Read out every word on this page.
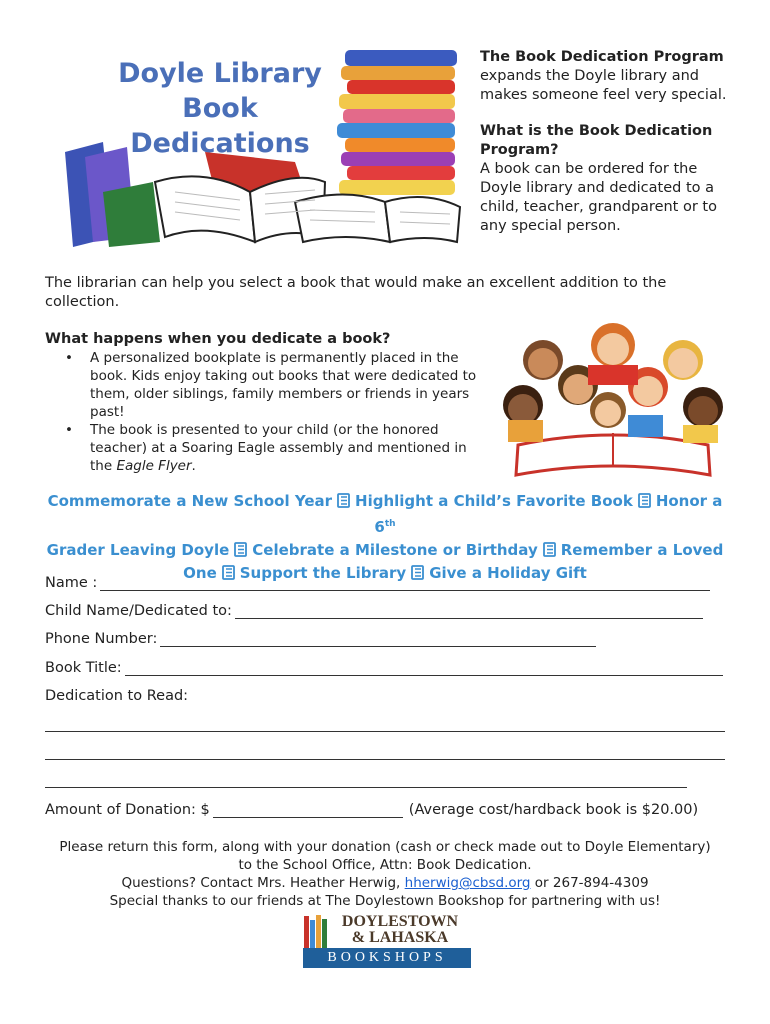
Doyle Library
Book
Dedications

The Book Dedication Program
expands the Doyle library and makes someone feel very special.

What is the Book Dedication Program?
A book can be ordered for the Doyle library and dedicated to a child, teacher, grandparent or to any special person.

The librarian can help you select a book that would make an excellent addition to the collection.
What happens when you dedicate a book?
• A personalized bookplate is permanently placed in the book. Kids enjoy taking out books that were dedicated to them, older siblings, family members or friends in years past!
• The book is presented to your child (or the honored teacher) at a Soaring Eagle assembly and mentioned in the Eagle Flyer.
Commemorate a New School Year Highlight a Child’s Favorite Book Honor a 6th
Grader Leaving Doyle Celebrate a Milestone or Birthday Remember a Loved
One Support the Library Give a Holiday Gift
Name :
Child Name/Dedicated to:
Phone Number:
Book Title:
Dedication to Read:
Amount of Donation: $	(Average cost/hardback book is $20.00)
Please return this form, along with your donation (cash or check made out to Doyle Elementary)
to the School Office, Attn: Book Dedication.
Questions? Contact Mrs. Heather Herwig, hherwig@cbsd.org or 267-894-4309
Special thanks to our friends at The Doylestown Bookshop for partnering with us!
DOYLESTOWN
& LAHASKA
BOOKSHOPS
